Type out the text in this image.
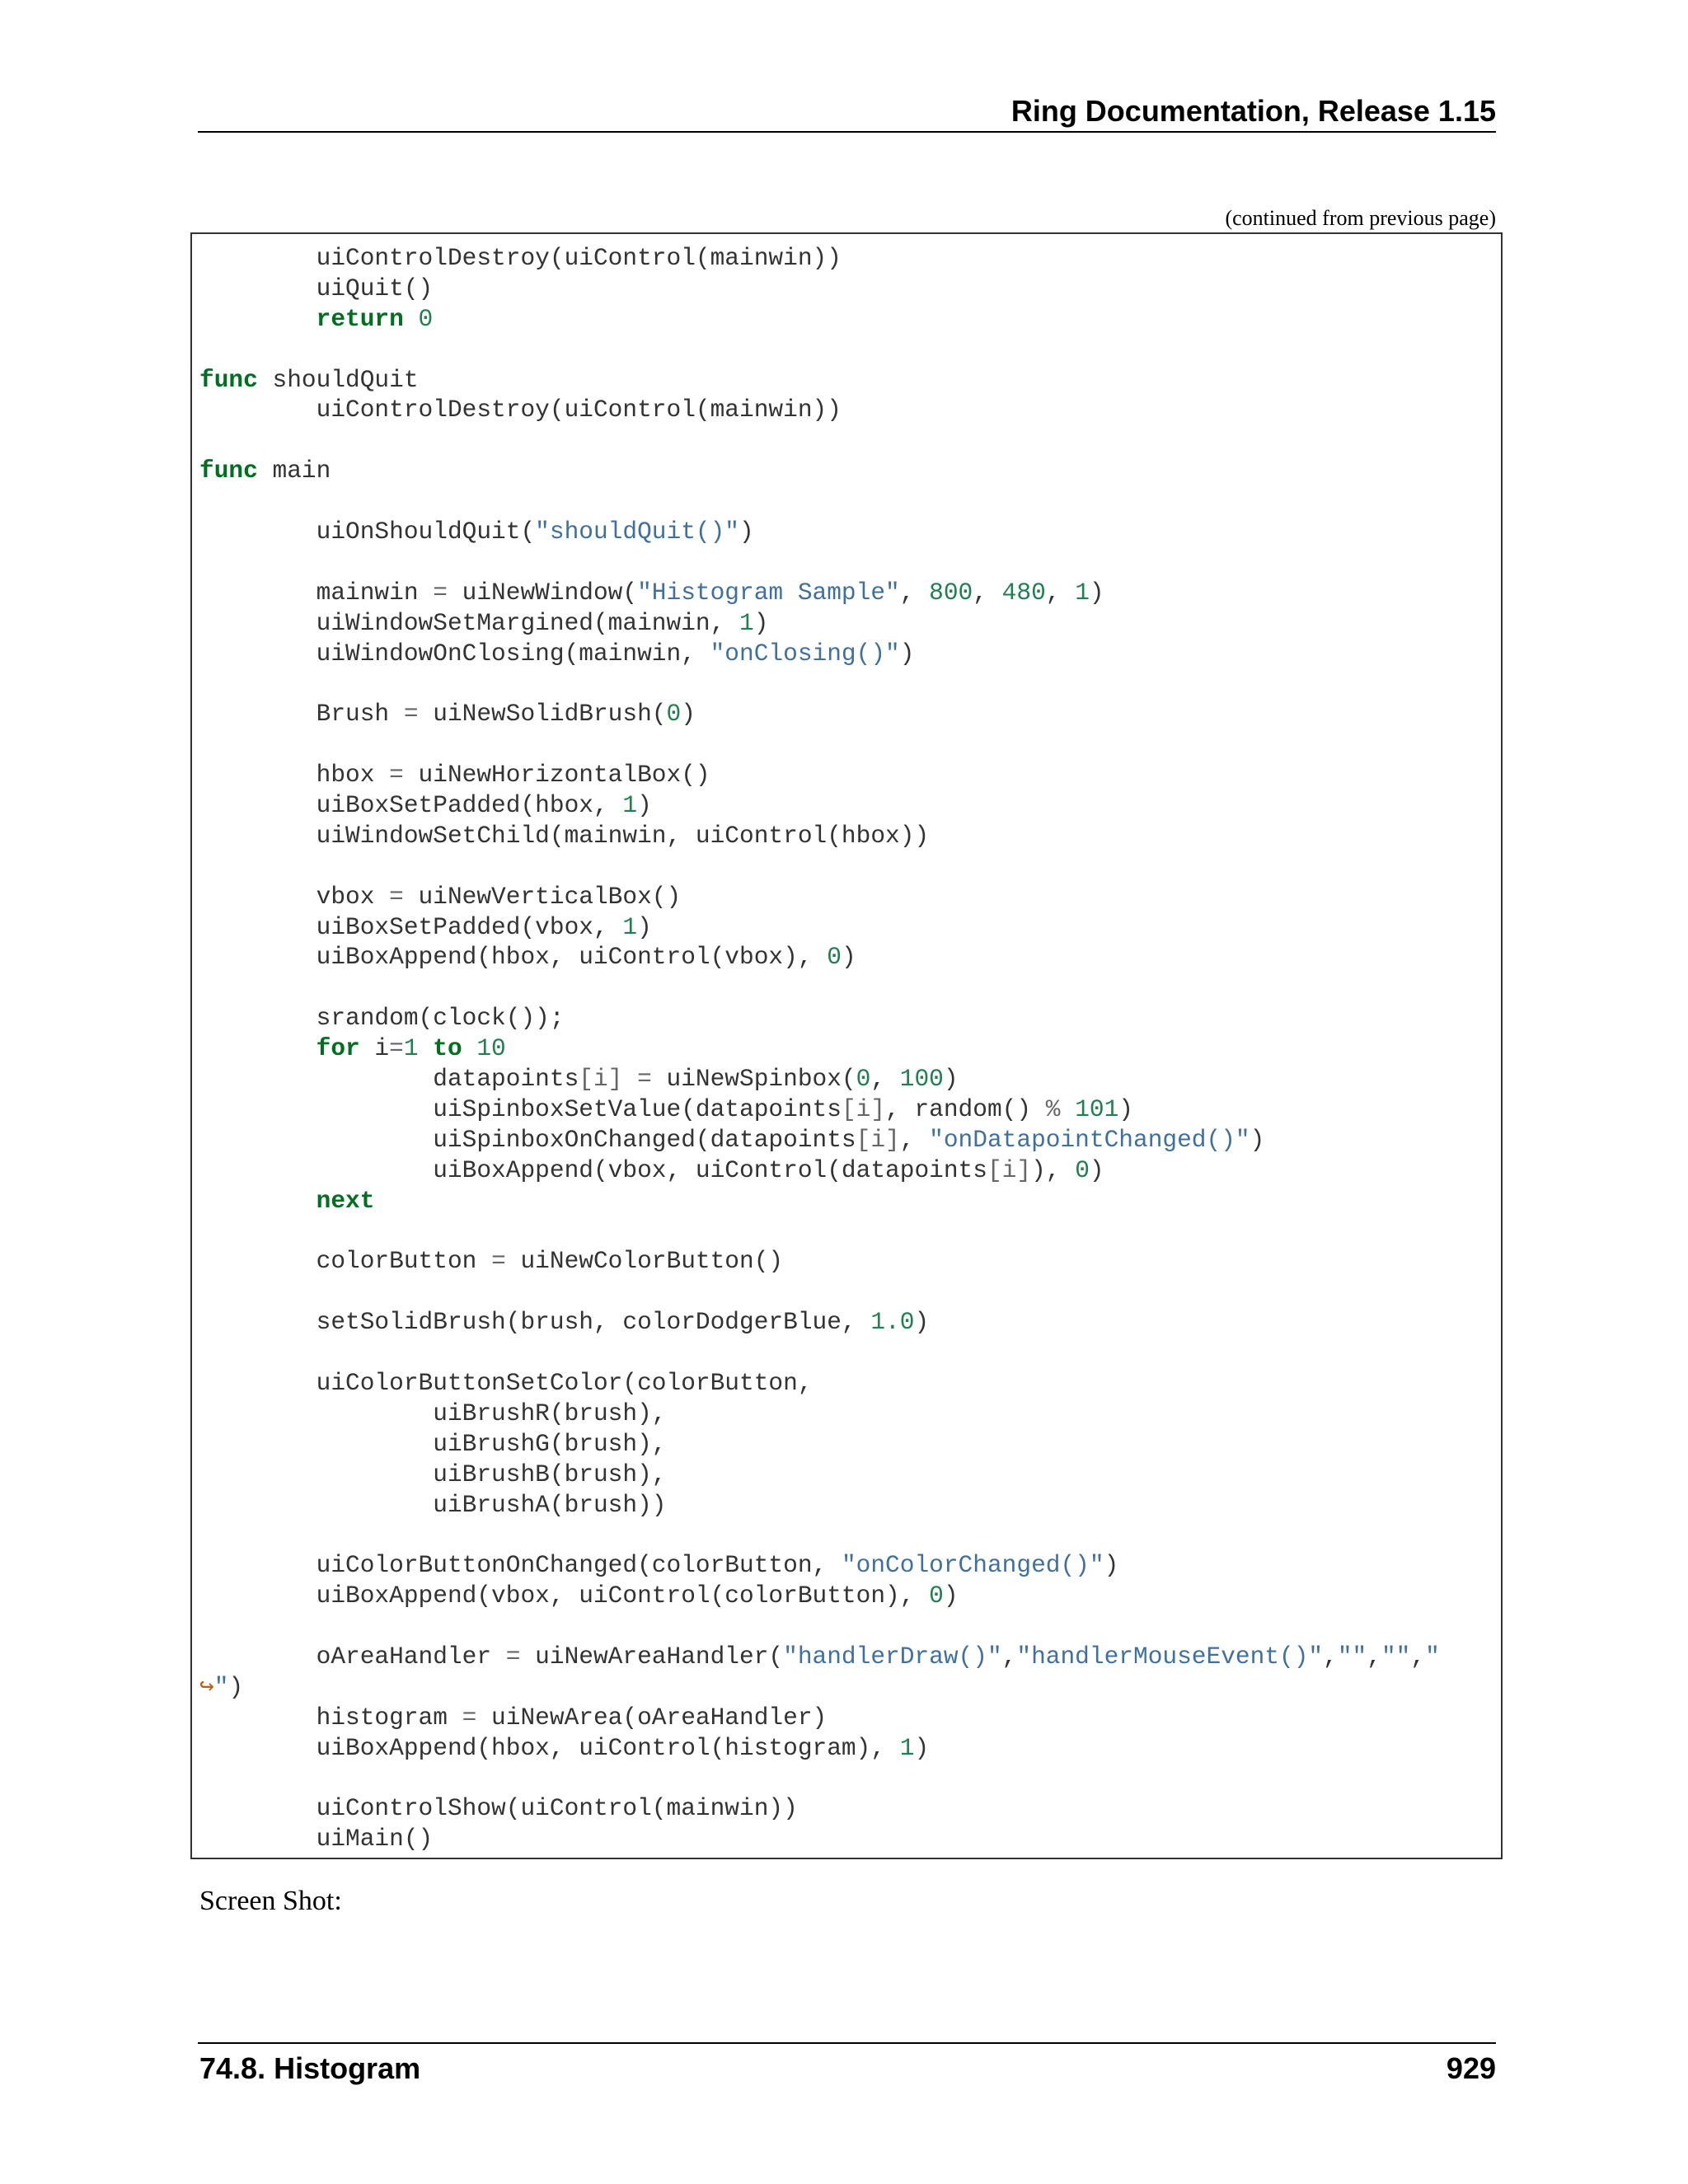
Ring Documentation, Release 1.15
(continued from previous page)
uiControlDestroy(uiControl(mainwin))
uiQuit()
return 0
func shouldQuit
uiControlDestroy(uiControl(mainwin))
func main
uiOnShouldQuit("shouldQuit()")
mainwin = uiNewWindow("Histogram Sample", 800, 480, 1)
uiWindowSetMargined(mainwin, 1)
uiWindowOnClosing(mainwin, "onClosing()")
Brush = uiNewSolidBrush(0)
hbox = uiNewHorizontalBox()
uiBoxSetPadded(hbox, 1)
uiWindowSetChild(mainwin, uiControl(hbox))
vbox = uiNewVerticalBox()
uiBoxSetPadded(vbox, 1)
uiBoxAppend(hbox, uiControl(vbox), 0)
srandom(clock());
for i=1 to 10
datapoints[i] = uiNewSpinbox(0, 100)
uiSpinboxSetValue(datapoints[i], random() % 101)
uiSpinboxOnChanged(datapoints[i], "onDatapointChanged()")
uiBoxAppend(vbox, uiControl(datapoints[i]), 0)
next
colorButton = uiNewColorButton()
setSolidBrush(brush, colorDodgerBlue, 1.0)
uiColorButtonSetColor(colorButton,
uiBrushR(brush),
uiBrushG(brush),
uiBrushB(brush),
uiBrushA(brush))
uiColorButtonOnChanged(colorButton, "onColorChanged()")
uiBoxAppend(vbox, uiControl(colorButton), 0)
oAreaHandler = uiNewAreaHandler("handlerDraw()","handlerMouseEvent()","","","
↪")
histogram = uiNewArea(oAreaHandler)
uiBoxAppend(hbox, uiControl(histogram), 1)
uiControlShow(uiControl(mainwin))
uiMain()
Screen Shot:
74.8. Histogram	929
